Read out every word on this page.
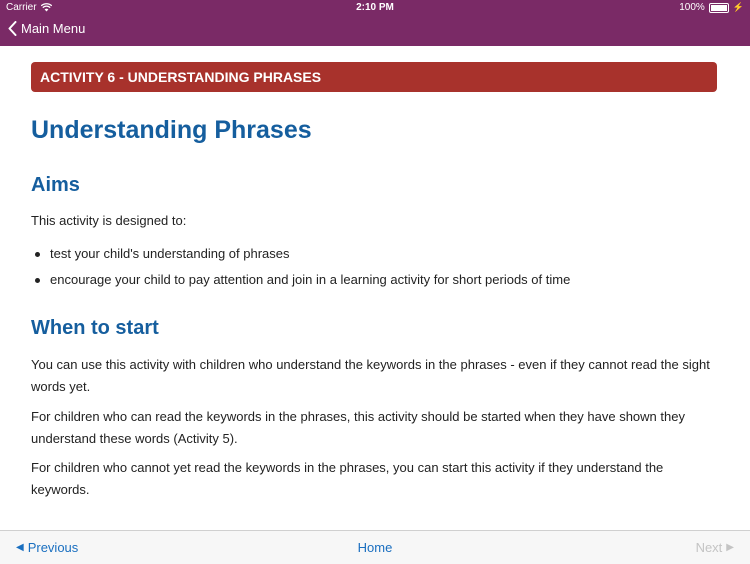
Carrier	2:10 PM	100%	⚡
Main Menu
ACTIVITY 6 - UNDERSTANDING PHRASES
Understanding Phrases
Aims

This activity is designed to:

test your child's understanding of phrases
encourage your child to pay attention and join in a learning activity for short periods of time
When to start

You can use this activity with children who understand the keywords in the phrases - even if they cannot read the sight words yet.

For children who can read the keywords in the phrases, this activity should be started when they have shown they understand these words (Activity 5).

For children who cannot yet read the keywords in the phrases, you can start this activity if they understand the keywords.

◀ Previous	Home	Next ▶
